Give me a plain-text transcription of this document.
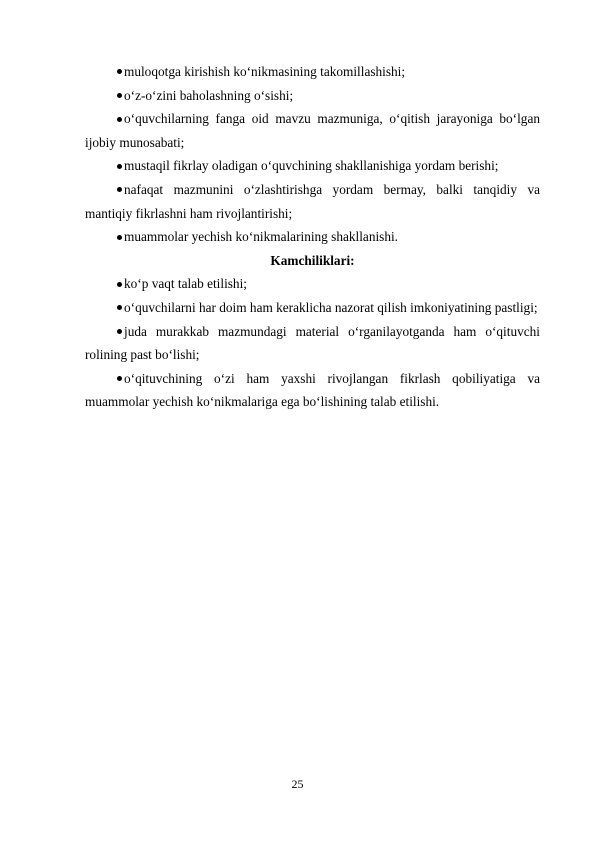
muloqotga kirishish ko‘nikmasining takomillashishi;

o‘z-o‘zini baholashning o‘sishi;

o‘quvchilarning fanga oid mavzu mazmuniga, o‘qitish jarayoniga bo‘lgan ijobiy munosabati;

mustaqil fikrlay oladigan o‘quvchining shakllanishiga yordam berishi;

nafaqat mazmunini o‘zlashtirishga yordam bermay, balki tanqidiy va mantiqiy fikrlashni ham rivojlantirishi;

muammolar yechish ko‘nikmalarining shakllanishi.

Kamchiliklari:

ko‘p vaqt talab etilishi;

o‘quvchilarni har doim ham keraklicha nazorat qilish imkoniyatining pastligi;

juda murakkab mazmundagi material o‘rganilayotganda ham o‘qituvchi rolining past bo‘lishi;

o‘qituvchining o‘zi ham yaxshi rivojlangan fikrlash qobiliyatiga va muammolar yechish ko‘nikmalariga ega bo‘lishining talab etilishi.

25
